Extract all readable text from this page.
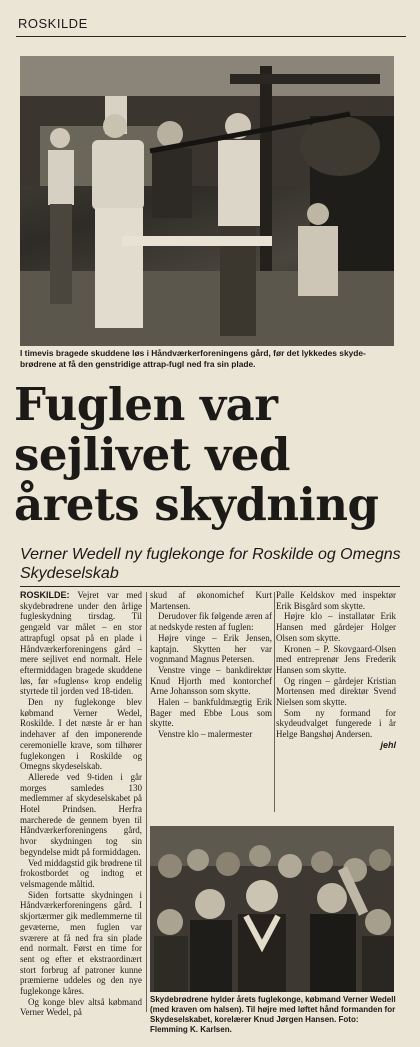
ROSKILDE
I timevis bragede skuddene løs i Håndværkerforeningens gård, før det lykkedes skyde-brødrene at få den genstridige attrap-fugl ned fra sin plade.
Fuglen var
sejlivet ved
årets skydning
Verner Wedell ny fuglekonge for Roskilde og Omegns Skydeselskab

ROSKILDE: Vejret var med skydebrødrene under den årlige fugleskydning tirsdag. Til gengæld var målet – en stor attrapfugl opsat på en plade i Håndværkerforeningens gård – mere sejlivet end normalt. Hele eftermiddagen bragede skuddene løs, før »fuglens« krop endelig styrtede til jorden ved 18-tiden.

Den ny fuglekonge blev købmand Verner Wedel, Roskilde. I det næste år er han indehaver af den imponerende ceremonielle krave, som tilhører fuglekongen i Roskilde og Omegns skydeselskab.

Allerede ved 9-tiden i går morges samledes 130 medlemmer af skydeselskabet på Hotel Prindsen. Herfra marcherede de gennem byen til Håndværkerforeningens gård, hvor skydningen tog sin begyndelse midt på formiddagen.

Ved middagstid gik brødrene til frokostbordet og indtog et velsmagende måltid.

Siden fortsatte skydningen i Håndværkerforeningens gård. I skjortærmer gik medlemmerne til gevæterne, men fuglen var sværere at få ned fra sin plade end normalt. Først en time for sent og efter et ekstraordinært stort forbrug af patroner kunne præmierne uddeles og den nye fuglekonge kåres.

Og konge blev altså købmand Verner Wedel, på

skud af økonomichef Kurt Martensen.

Derudover fik følgende æren af at nedskyde resten af fuglen:

Højre vinge – Erik Jensen, kaptajn. Skytten her var vognmand Magnus Petersen.

Venstre vinge – bankdirektør Knud Hjorth med kontorchef Arne Johansson som skytte.

Halen – bankfuldmægtig Erik Bager med Ebbe Lous som skytte.

Venstre klo – malermester

Palle Keldskov med inspektør Erik Bisgård som skytte.

Højre klo – installatør Erik Hansen med gårdejer Holger Olsen som skytte.

Kronen – P. Skovgaard-Olsen med entreprenør Jens Frederik Hansen som skytte.

Og ringen – gårdejer Kristian Mortensen med direktør Svend Nielsen som skytte.

Som ny formand for skydeudvalget fungerede i år Helge Bangshøj Andersen.

jehl

Skydebrødrene hylder årets fuglekonge, købmand Verner Wedell (med kraven om halsen). Til højre med løftet hånd formanden for Skydeselskabet, korelærer Knud Jørgen Hansen. Foto: Flemming K. Karlsen.
